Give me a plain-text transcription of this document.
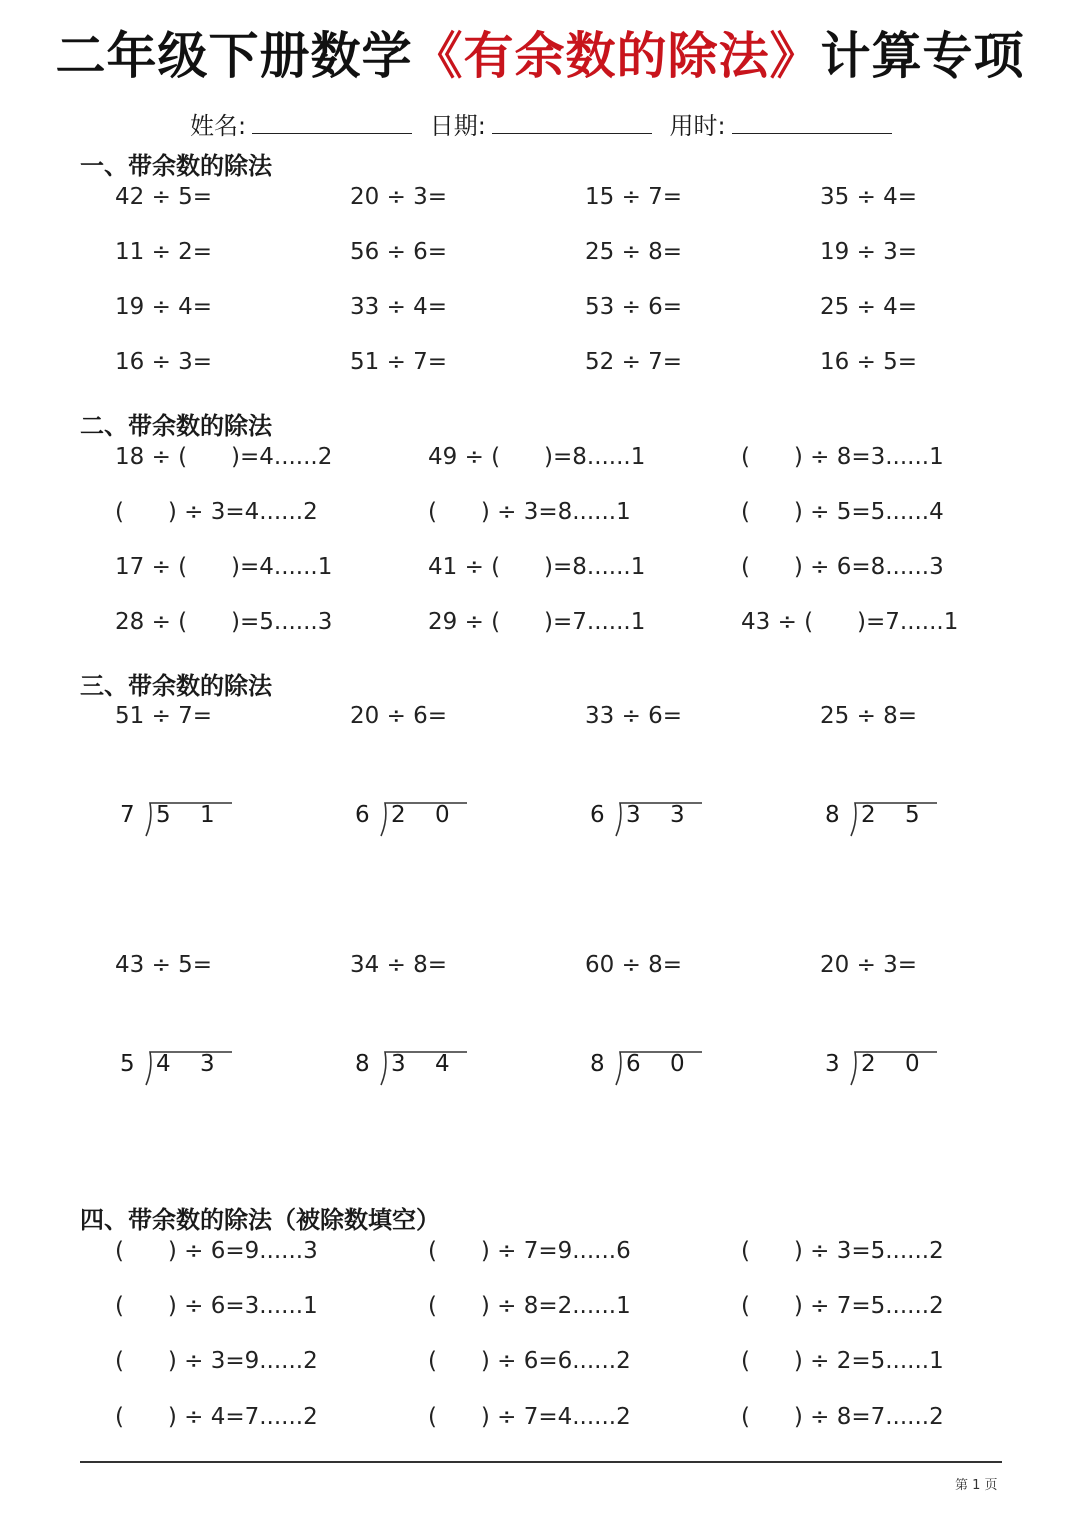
二年级下册数学《有余数的除法》计算专项
姓名:	日期:	用时:
一、带余数的除法
42 ÷ 5=	20 ÷ 3=	15 ÷ 7=	35 ÷ 4=
11 ÷ 2=	56 ÷ 6=	25 ÷ 8=	19 ÷ 3=
19 ÷ 4=	33 ÷ 4=	53 ÷ 6=	25 ÷ 4=
16 ÷ 3=	51 ÷ 7=	52 ÷ 7=	16 ÷ 5=
二、带余数的除法
18 ÷ (      )=4......2	49 ÷ (      )=8......1	(      ) ÷ 8=3......1
(      ) ÷ 3=4......2	(      ) ÷ 3=8......1	(      ) ÷ 5=5......4
17 ÷ (      )=4......1	41 ÷ (      )=8......1	(      ) ÷ 6=8......3
28 ÷ (      )=5......3	29 ÷ (      )=7......1	43 ÷ (      )=7......1
三、带余数的除法
51 ÷ 7=	20 ÷ 6=	33 ÷ 6=	25 ÷ 8=
7 5 1	6 2 0	6 3 3	8 2 5
43 ÷ 5=	34 ÷ 8=	60 ÷ 8=	20 ÷ 3=
5 4 3	8 3 4	8 6 0	3 2 0
四、带余数的除法（被除数填空）
(      ) ÷ 6=9......3	(      ) ÷ 7=9......6	(      ) ÷ 3=5......2
(      ) ÷ 6=3......1	(      ) ÷ 8=2......1	(      ) ÷ 7=5......2
(      ) ÷ 3=9......2	(      ) ÷ 6=6......2	(      ) ÷ 2=5......1
(      ) ÷ 4=7......2	(      ) ÷ 7=4......2	(      ) ÷ 8=7......2
第 1 页
